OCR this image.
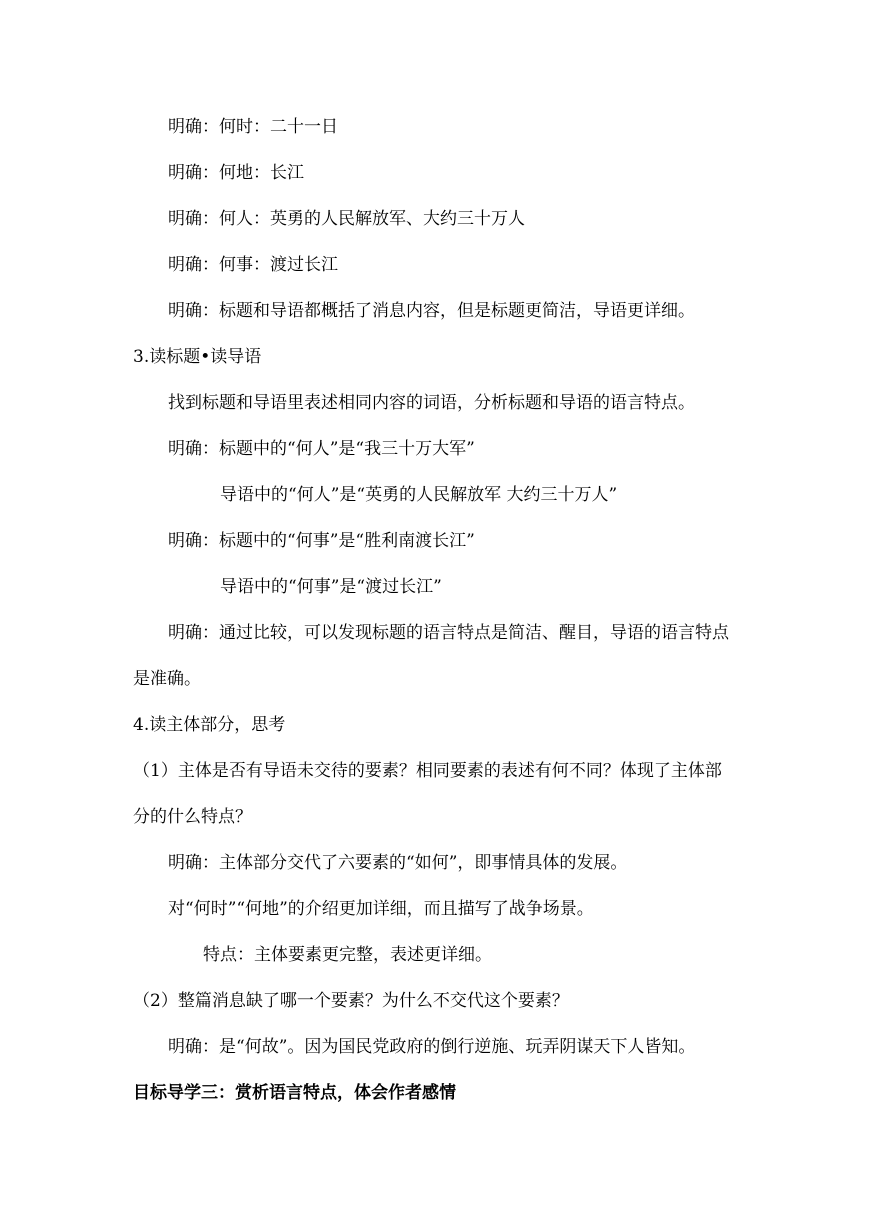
明确：何时：二十一日
明确：何地：长江
明确：何人：英勇的人民解放军、大约三十万人
明确：何事：渡过长江
明确：标题和导语都概括了消息内容，但是标题更简洁，导语更详细。
3.读标题•读导语
找到标题和导语里表述相同内容的词语，分析标题和导语的语言特点。
明确：标题中的“何人”是“我三十万大军”
导语中的“何人”是“英勇的人民解放军 大约三十万人”
明确：标题中的“何事”是“胜利南渡长江”
导语中的“何事”是“渡过长江”
明确：通过比较，可以发现标题的语言特点是简洁、醒目，导语的语言特点
是准确。
4.读主体部分，思考
（1）主体是否有导语未交待的要素？相同要素的表述有何不同？体现了主体部
分的什么特点？
明确：主体部分交代了六要素的“如何”，即事情具体的发展。
对“何时”“何地”的介绍更加详细，而且描写了战争场景。
特点：主体要素更完整，表述更详细。
（2）整篇消息缺了哪一个要素？为什么不交代这个要素？
明确：是“何故”。因为国民党政府的倒行逆施、玩弄阴谋天下人皆知。
目标导学三：赏析语言特点，体会作者感情
